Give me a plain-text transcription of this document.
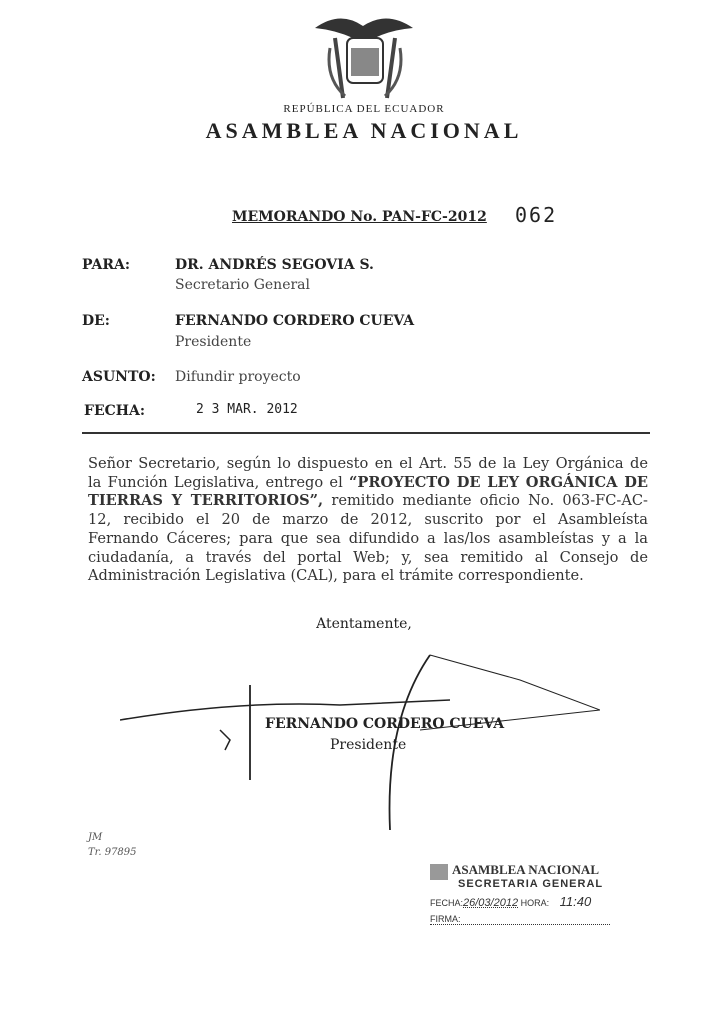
REPÚBLICA DEL ECUADOR
ASAMBLEA NACIONAL
MEMORANDO No. PAN-FC-2012 062
PARA:	DR. ANDRÉS SEGOVIA S.
Secretario General
DE:	FERNANDO CORDERO CUEVA
Presidente
ASUNTO: Difundir proyecto
FECHA:	2 3 MAR. 2012
Señor Secretario, según lo dispuesto en el Art. 55 de la Ley Orgánica de
la Función Legislativa, entrego el “PROYECTO DE LEY ORGÁNICA DE
TIERRAS Y TERRITORIOS”, remitido mediante oficio No. 063-FC-AC-
12, recibido el 20 de marzo de 2012, suscrito por el Asambleísta
Fernando Cáceres; para que sea difundido a las/los asambleístas y a la
ciudadanía, a través del portal Web; y, sea remitido al Consejo de
Administración Legislativa (CAL), para el trámite correspondiente.
Atentamente,
FERNANDO CORDERO CUEVA
Presidente
JM
Tr. 97895
ASAMBLEA NACIONAL
SECRETARIA GENERAL
FECHA:26/03/2012 HORA: 11:40
FIRMA:
